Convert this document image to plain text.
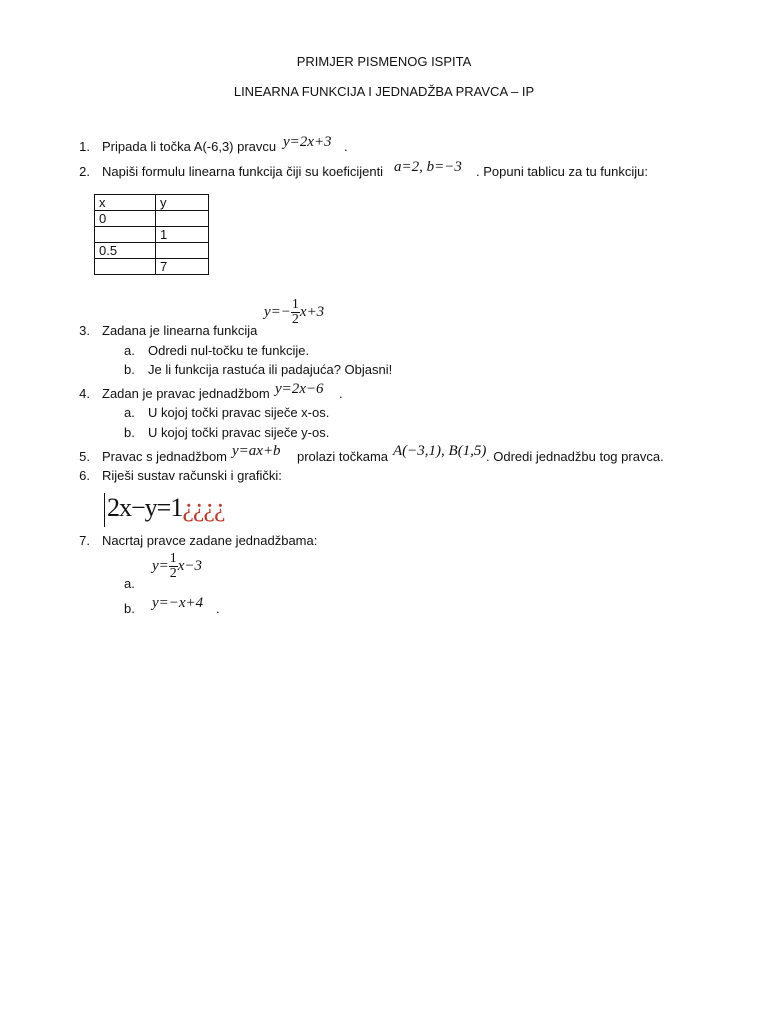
PRIMJER PISMENOG ISPITA
LINEARNA FUNKCIJA I JEDNADŽBA PRAVCA – IP
1. Pripada li točka A(-6,3) pravcu y=2x+3 .
2. Napiši formulu linearna funkcija čiji su koeficijenti a=2, b=−3 . Popuni tablicu za tu funkciju:
x	y
0	
	1
0.5	
	7
3. Zadana je linearna funkcija
$y=- \frac{1}{2} x+3$
a. Odredi nul-točku te funkcije.
b. Je li funkcija rastuća ili padajuća? Objasni!
4. Zadan je pravac jednadžbom y=2x−6 .
a. U kojoj točki pravac siječe x-os.
b. U kojoj točki pravac siječe y-os.
5. Pravac s jednadžbom y=ax+b prolazi točkama A(−3,1), B(1,5) . Odredi jednadžbu tog pravca.
6. Riješi sustav računski i grafički:
2x−y=1¿¿¿¿
7. Nacrtaj pravce zadane jednadžbama:
a.
$y= \frac{1}{2} x-3$
b. y=−x+4 .
